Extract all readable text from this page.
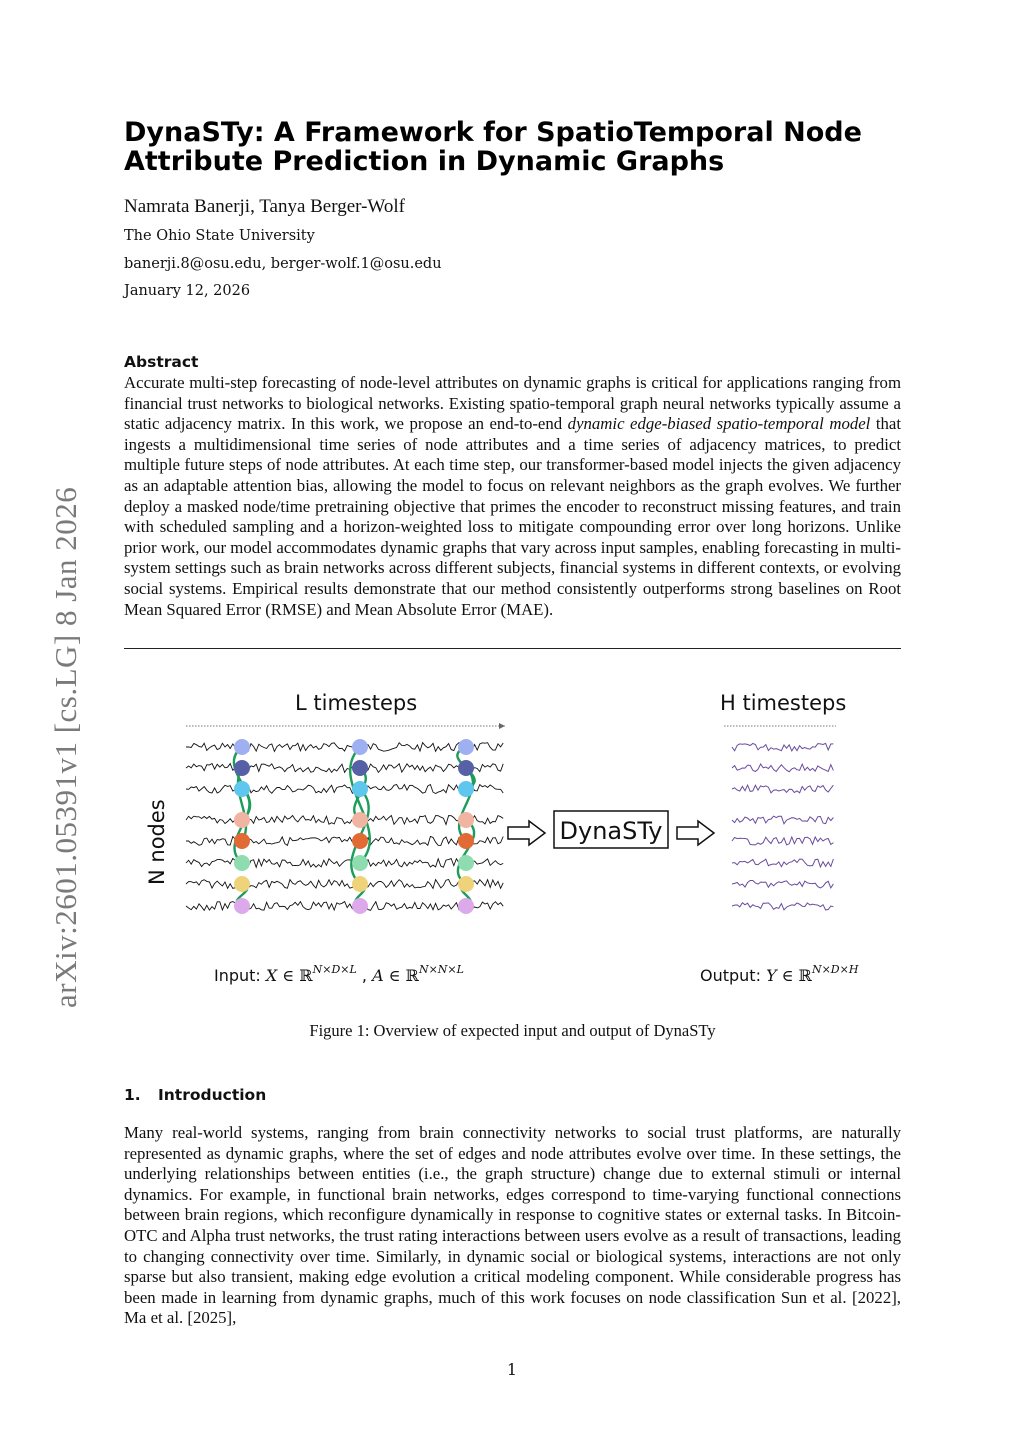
arXiv:2601.05391v1 [cs.LG] 8 Jan 2026
DynaSTy: A Framework for SpatioTemporal Node Attribute Prediction in Dynamic Graphs
Namrata Banerji, Tanya Berger-Wolf
The Ohio State University
banerji.8@osu.edu, berger-wolf.1@osu.edu
January 12, 2026
Abstract

Accurate multi-step forecasting of node-level attributes on dynamic graphs is critical for applications ranging from financial trust networks to biological networks. Existing spatio-temporal graph neural networks typically assume a static adjacency matrix. In this work, we propose an end-to-end dynamic edge-biased spatio-temporal model that ingests a multidimensional time series of node attributes and a time series of adjacency matrices, to predict multiple future steps of node attributes. At each time step, our transformer-based model injects the given adjacency as an adaptable attention bias, allowing the model to focus on relevant neighbors as the graph evolves. We further deploy a masked node/time pretraining objective that primes the encoder to reconstruct missing features, and train with scheduled sampling and a horizon-weighted loss to mitigate compounding error over long horizons. Unlike prior work, our model accommodates dynamic graphs that vary across input samples, enabling forecasting in multi-system settings such as brain networks across different subjects, financial systems in different contexts, or evolving social systems. Empirical results demonstrate that our method consistently outperforms strong baselines on Root Mean Squared Error (RMSE) and Mean Absolute Error (MAE).

L timesteps	H timesteps
N nodes	DynaSTy
Input: X ∈ ℝ$^{N\times D\times L}$ , A ∈ ℝ$^{N\times N\times L}$	Output: Y ∈ ℝ$^{N\times D\times H}$
Figure 1: Overview of expected input and output of DynaSTy
1. Introduction

Many real-world systems, ranging from brain connectivity networks to social trust platforms, are naturally represented as dynamic graphs, where the set of edges and node attributes evolve over time. In these settings, the underlying relationships between entities (i.e., the graph structure) change due to external stimuli or internal dynamics. For example, in functional brain networks, edges correspond to time-varying functional connections between brain regions, which reconfigure dynamically in response to cognitive states or external tasks. In Bitcoin-OTC and Alpha trust networks, the trust rating interactions between users evolve as a result of transactions, leading to changing connectivity over time. Similarly, in dynamic social or biological systems, interactions are not only sparse but also transient, making edge evolution a critical modeling component. While considerable progress has been made in learning from dynamic graphs, much of this work focuses on node classification Sun et al. [2022], Ma et al. [2025],

1
